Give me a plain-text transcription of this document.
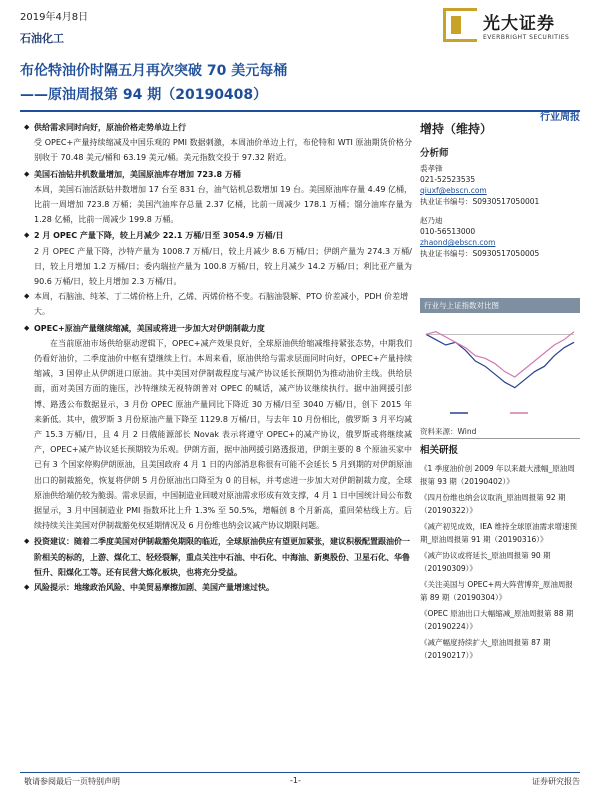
2019年4月8日
石油化工
光大证券
EVERBRIGHT SECURITIES
布伦特油价时隔五月再次突破 70 美元每桶
——原油周报第 94 期（20190408）
行业周报
◆ 供给需求同时向好，原油价格走势单边上行
受 OPEC+产量持续缩减及中国乐观的 PMI 数据刺激，本周油价单边上行，布伦特和 WTI 原油期货价格分别收于 70.48 美元/桶和 63.19 美元/桶。美元指数交投于 97.32 附近。
◆ 美国石油钻井机数量增加，美国原油库存增加 723.8 万桶
本周，美国石油活跃钻井数增加 17 台至 831 台，油气钻机总数增加 19 台。美国原油库存量 4.49 亿桶，比前一周增加 723.8 万桶；美国汽油库存总量 2.37 亿桶，比前一周减少 178.1 万桶；馏分油库存量为 1.28 亿桶，比前一周减少 199.8 万桶。
◆ 2 月 OPEC 产量下降，较上月减少 22.1 万桶/日至 3054.9 万桶/日
2 月 OPEC 产量下降，沙特产量为 1008.7 万桶/日，较上月减少 8.6 万桶/日；伊朗产量为 274.3 万桶/日，较上月增加 1.2 万桶/日；委内瑞拉产量为 100.8 万桶/日，较上月减少 14.2 万桶/日；利比亚产量为 90.6 万桶/日，较上月增加 2.3 万桶/日。
◆ 本周，石脑油、纯苯、丁二烯价格上升，乙烯、丙烯价格不变。石脑油裂解、PTO 价差减小，PDH 价差增大。
◆ OPEC+原油产量继续缩减，美国或将进一步加大对伊朗制裁力度
在当前原油市场供给驱动逻辑下，OPEC+减产效果良好，全球原油供给缩减维持紧张态势，中期我们仍看好油价，二季度油价中枢有望继续上行。本周来看，原油供给与需求层面同时向好，OPEC+产量持续缩减，3 国停止从伊朗进口原油。其中美国对伊制裁程度与减产协议延长预期仍为推动油价主线。供给层面，面对美国方面的施压，沙特继续无视特朗普对 OPEC 的喊话，减产协议继续执行。据中油网援引彭博、路透公布数据显示，3 月份 OPEC 原油产量同比下降近 30 万桶/日至 3040 万桶/日，创下 2015 年来新低。其中，俄罗斯 3 月份原油产量下降至 1129.8 万桶/日，与去年 10 月份相比，俄罗斯 3 月平均减产 15.3 万桶/日，且 4 月 2 日俄能源部长 Novak 表示将遵守 OPEC+的减产协议，俄罗斯或将继续减产，OPEC+减产协议延长预期较为乐观。伊朗方面，据中油网援引路透报道，伊朗主要的 8 个原油买家中已有 3 个国家停购伊朗原油，且美国政府 4 月 1 日的内部消息称很有可能不会延长 5 月到期的对伊朗原油出口的制裁豁免，恢复将伊朗 5 月份原油出口降至为 0 的目标，并考虑进一步加大对伊朗制裁力度，全球原油供给端仍较为脆弱。需求层面，中国制造业回暖对原油需求形成有效支撑，4 月 1 日中国统计局公布数据显示，3 月中国制造业 PMI 指数环比上升 1.3% 至 50.5%，增幅创 8 个月新高，重回荣枯线上方。后续持续关注美国对伊制裁豁免权延期情况及 6 月份维也纳会议减产协议期限问题。
◆ 投资建议：随着二季度美国对伊制裁豁免期限的临近，全球原油供应有望更加紧张，建议积极配置跟油价一阶相关的标的，上游、煤化工、轻烃裂解，重点关注中石油、中石化、中海油、新奥股份、卫星石化、华鲁恒升、阳煤化工等。还有民营大炼化板块，也将充分受益。
◆ 风险提示：地缘政治风险、中美贸易摩擦加剧、美国产量增速过快。
增持（维持）
分析师
裘孝锋
021-52523535
qiuxf@ebscn.com
执业证书编号：S0930517050001
赵乃迪
010-56513000
zhaond@ebscn.com
执业证书编号：S0930517050005
行业与上证指数对比图
资料来源：Wind
相关研报
《1 季度油价创 2009 年以来最大涨幅_原油周报第 93 期（20190402）》
《四月份维也纳会议取消_原油周报第 92 期（20190322）》
《减产初见成效，IEA 维持全球原油需求增速预期_原油周报第 91 期（20190316）》
《减产协议或将延长_原油周报第 90 期（20190309）》
《关注美国与 OPEC+两大阵营博弈_原油周报第 89 期（20190304）》
《OPEC 原油出口大幅缩减_原油周报第 88 期（20190224）》
《减产幅度持续扩大_原油周报第 87 期（20190217）》
敬请参阅最后一页特别声明	-1-	证券研究报告
